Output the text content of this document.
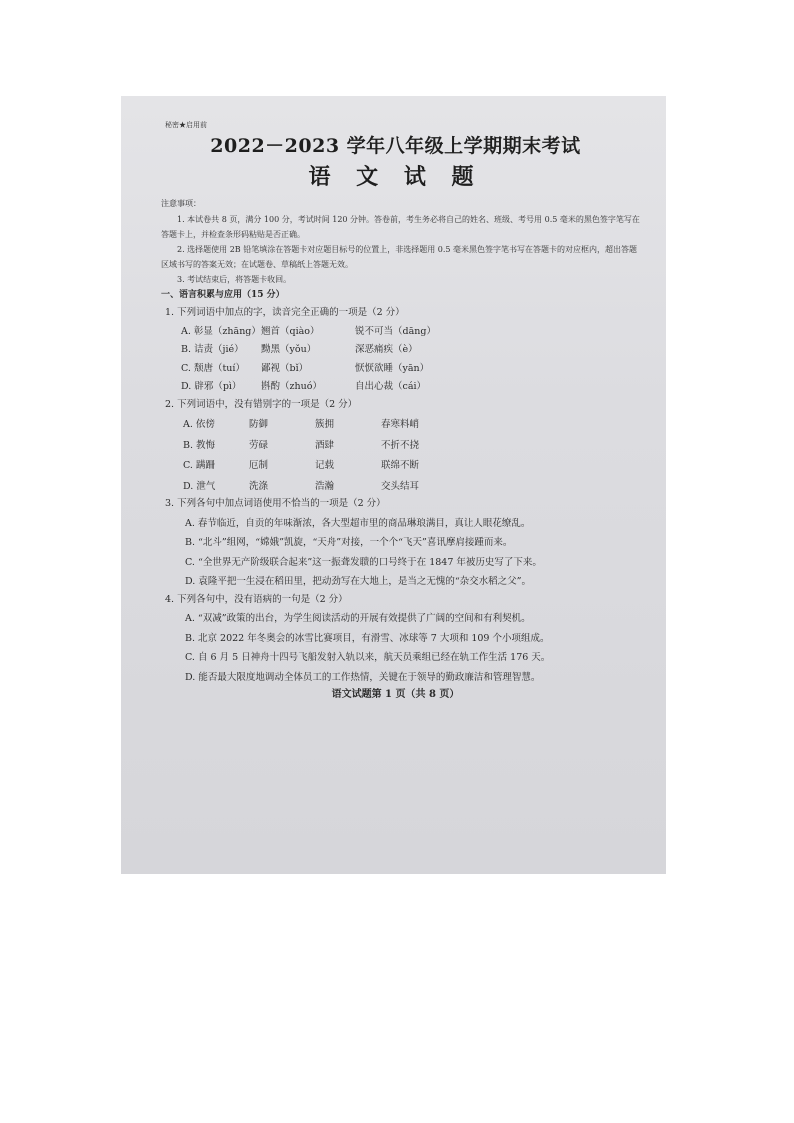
秘密★启用前
2022－2023 学年八年级上学期期末考试
语 文 试 题
注意事项：
1. 本试卷共 8 页，满分 100 分，考试时间 120 分钟。答卷前，考生务必将自己的姓名、班级、考号用 0.5 毫米的黑色签字笔写在答题卡上，并检查条形码粘贴是否正确。
2. 选择题使用 2B 铅笔填涂在答题卡对应题目标号的位置上，非选择题用 0.5 毫米黑色签字笔书写在答题卡的对应框内，超出答题区域书写的答案无效；在试题卷、草稿纸上答题无效。
3. 考试结束后，将答题卡收回。
一、语言积累与应用（15 分）
1. 下列词语中加点的字，读音完全正确的一项是（2 分）
A. 彰显（zhāng） 翘首（qiào）	锐不可当（dāng）
B. 诘责（jié）	黝黑（yǒu）	深恶痛疾（è）
C. 颓唐（tuí）	鄙视（bǐ）	恹恹欲睡（yān）
D. 辟邪（pì）	斟酌（zhuó）	自出心裁（cái）
2. 下列词语中，没有错别字的一项是（2 分）
A. 依傍	防御	簇拥	春寒料峭
B. 教悔	劳碌	酒肆	不折不挠
C. 蹒跚	厄制	记载	联绵不断
D. 泄气	洗涤	浩瀚	交头结耳
3. 下列各句中加点词语使用不恰当的一项是（2 分）
A. 春节临近，自贡的年味渐浓，各大型超市里的商品琳琅满目，真让人眼花缭乱。
B. “北斗”组网，“嫦娥”凯旋，“天舟”对接，一个个“飞天”喜讯摩肩接踵而来。
C. “全世界无产阶级联合起来”这一振聋发聩的口号终于在 1847 年被历史写了下来。
D. 袁隆平把一生浸在稻田里，把动劲写在大地上，是当之无愧的“杂交水稻之父”。
4. 下列各句中，没有语病的一句是（2 分）
A. “双减”政策的出台，为学生阅读活动的开展有效提供了广阔的空间和有利契机。
B. 北京 2022 年冬奥会的冰雪比赛项目，有滑雪、冰球等 7 大项和 109 个小项组成。
C. 自 6 月 5 日神舟十四号飞船发射入轨以来，航天员乘组已经在轨工作生活 176 天。
D. 能否最大限度地调动全体员工的工作热情，关键在于领导的勤政廉洁和管理智慧。
语文试题第 1 页（共 8 页）
